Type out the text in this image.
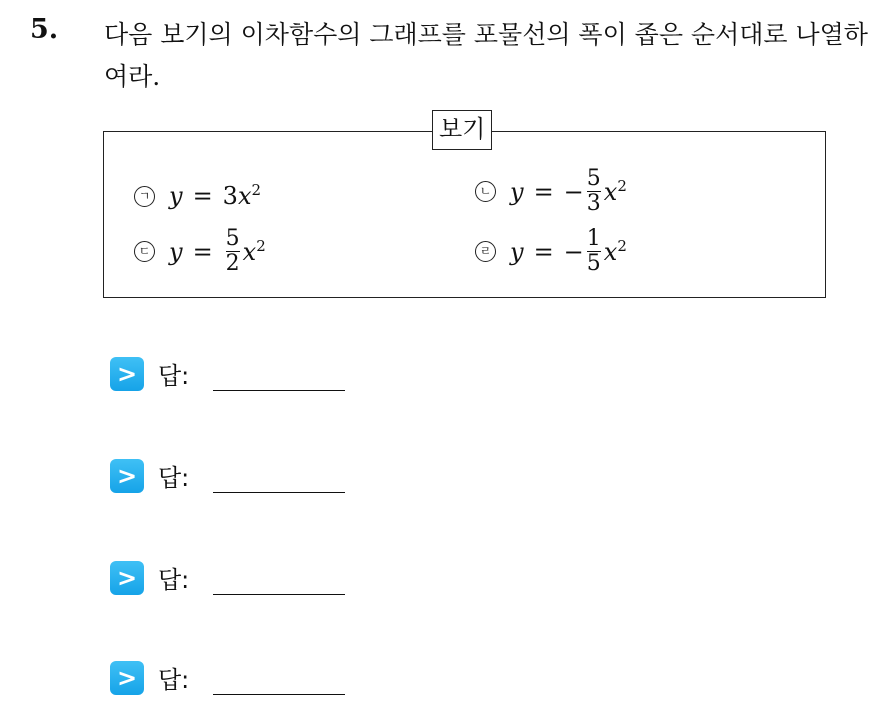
5. 다음 보기의 이차함수의 그래프를 포물선의 폭이 좁은 순서대로 나열하여라.
보기
ㄱ y = 3 $x^2$	ㄴ y = − $\frac{5}{3} x^2$
ㄷ $y = \frac{5}{2} x^2$	ㄹ y = − $\frac{1}{5} x^2$
> 답:
> 답:
> 답:
> 답:
